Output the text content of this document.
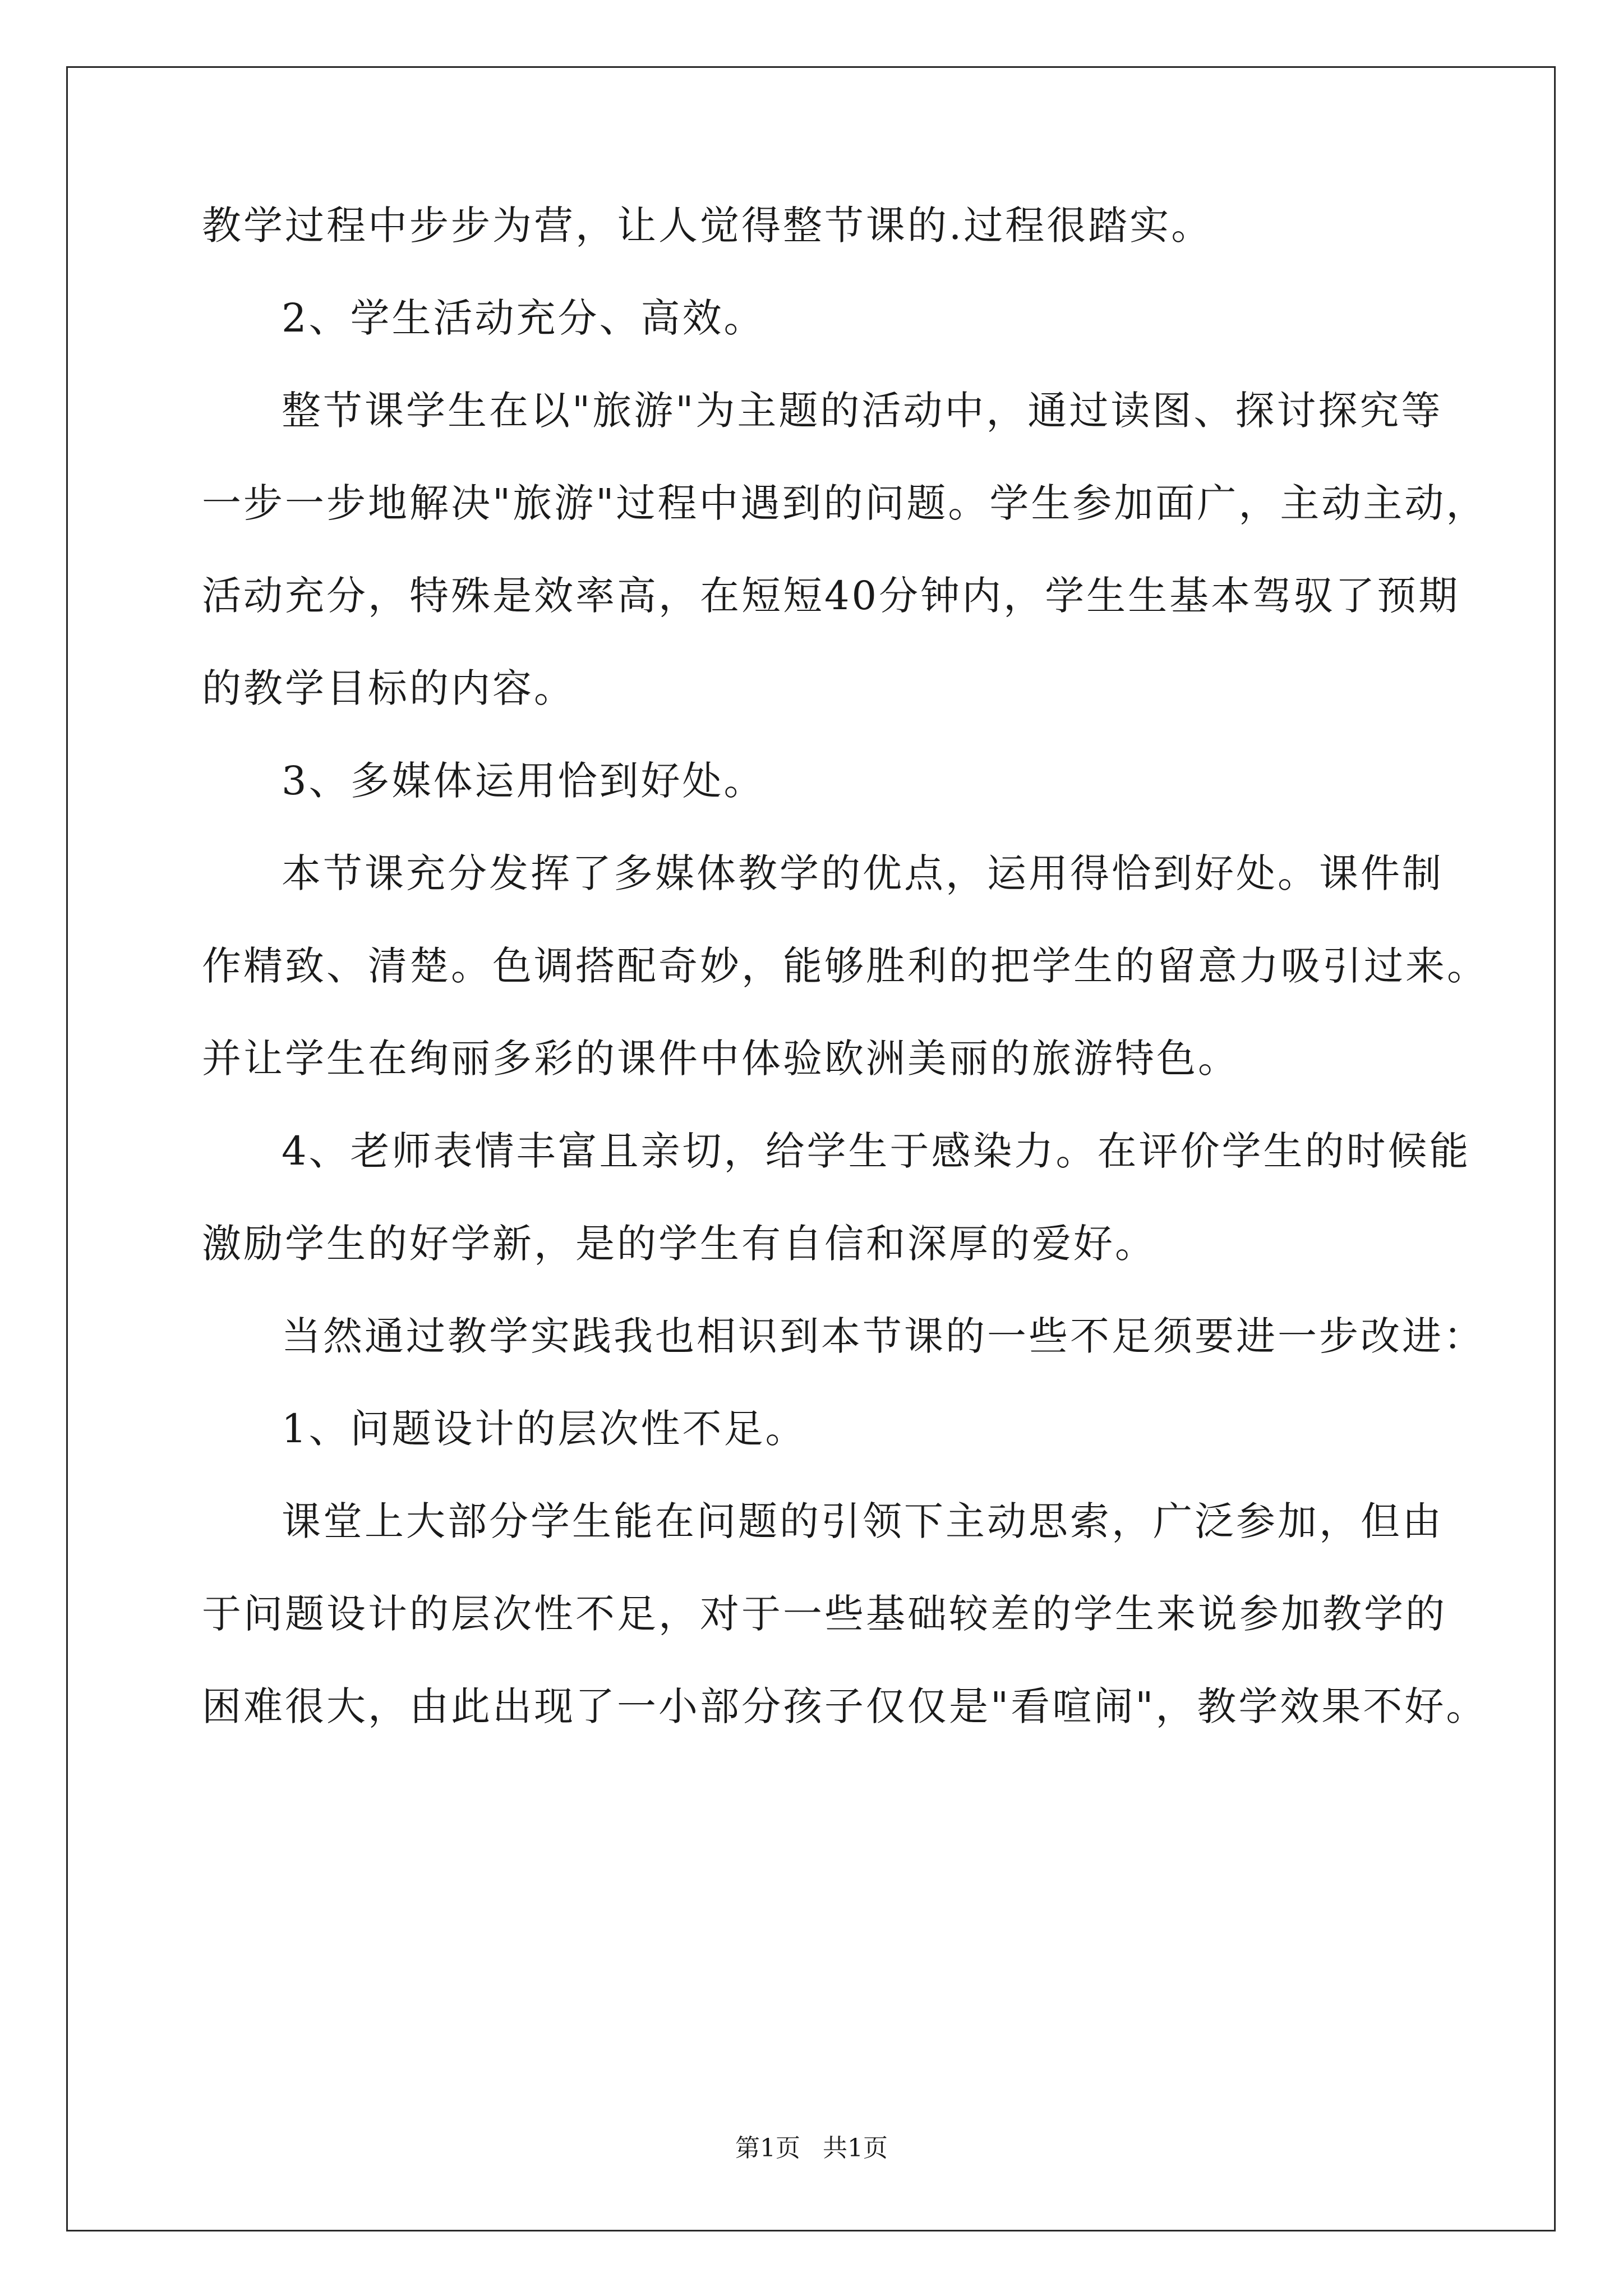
教学过程中步步为营，让人觉得整节课的.过程很踏实。
2、学生活动充分、高效。
整节课学生在以"旅游"为主题的活动中，通过读图、探讨探究等
一步一步地解决"旅游"过程中遇到的问题。学生参加面广，主动主动，
活动充分，特殊是效率高，在短短40分钟内，学生生基本驾驭了预期
的教学目标的内容。
3、多媒体运用恰到好处。
本节课充分发挥了多媒体教学的优点，运用得恰到好处。课件制
作精致、清楚。色调搭配奇妙，能够胜利的把学生的留意力吸引过来。
并让学生在绚丽多彩的课件中体验欧洲美丽的旅游特色。
4、老师表情丰富且亲切，给学生于感染力。在评价学生的时候能
激励学生的好学新，是的学生有自信和深厚的爱好。
当然通过教学实践我也相识到本节课的一些不足须要进一步改进：
1、问题设计的层次性不足。
课堂上大部分学生能在问题的引领下主动思索，广泛参加，但由
于问题设计的层次性不足，对于一些基础较差的学生来说参加教学的
困难很大，由此出现了一小部分孩子仅仅是"看喧闹"，教学效果不好。
第1页 共1页
